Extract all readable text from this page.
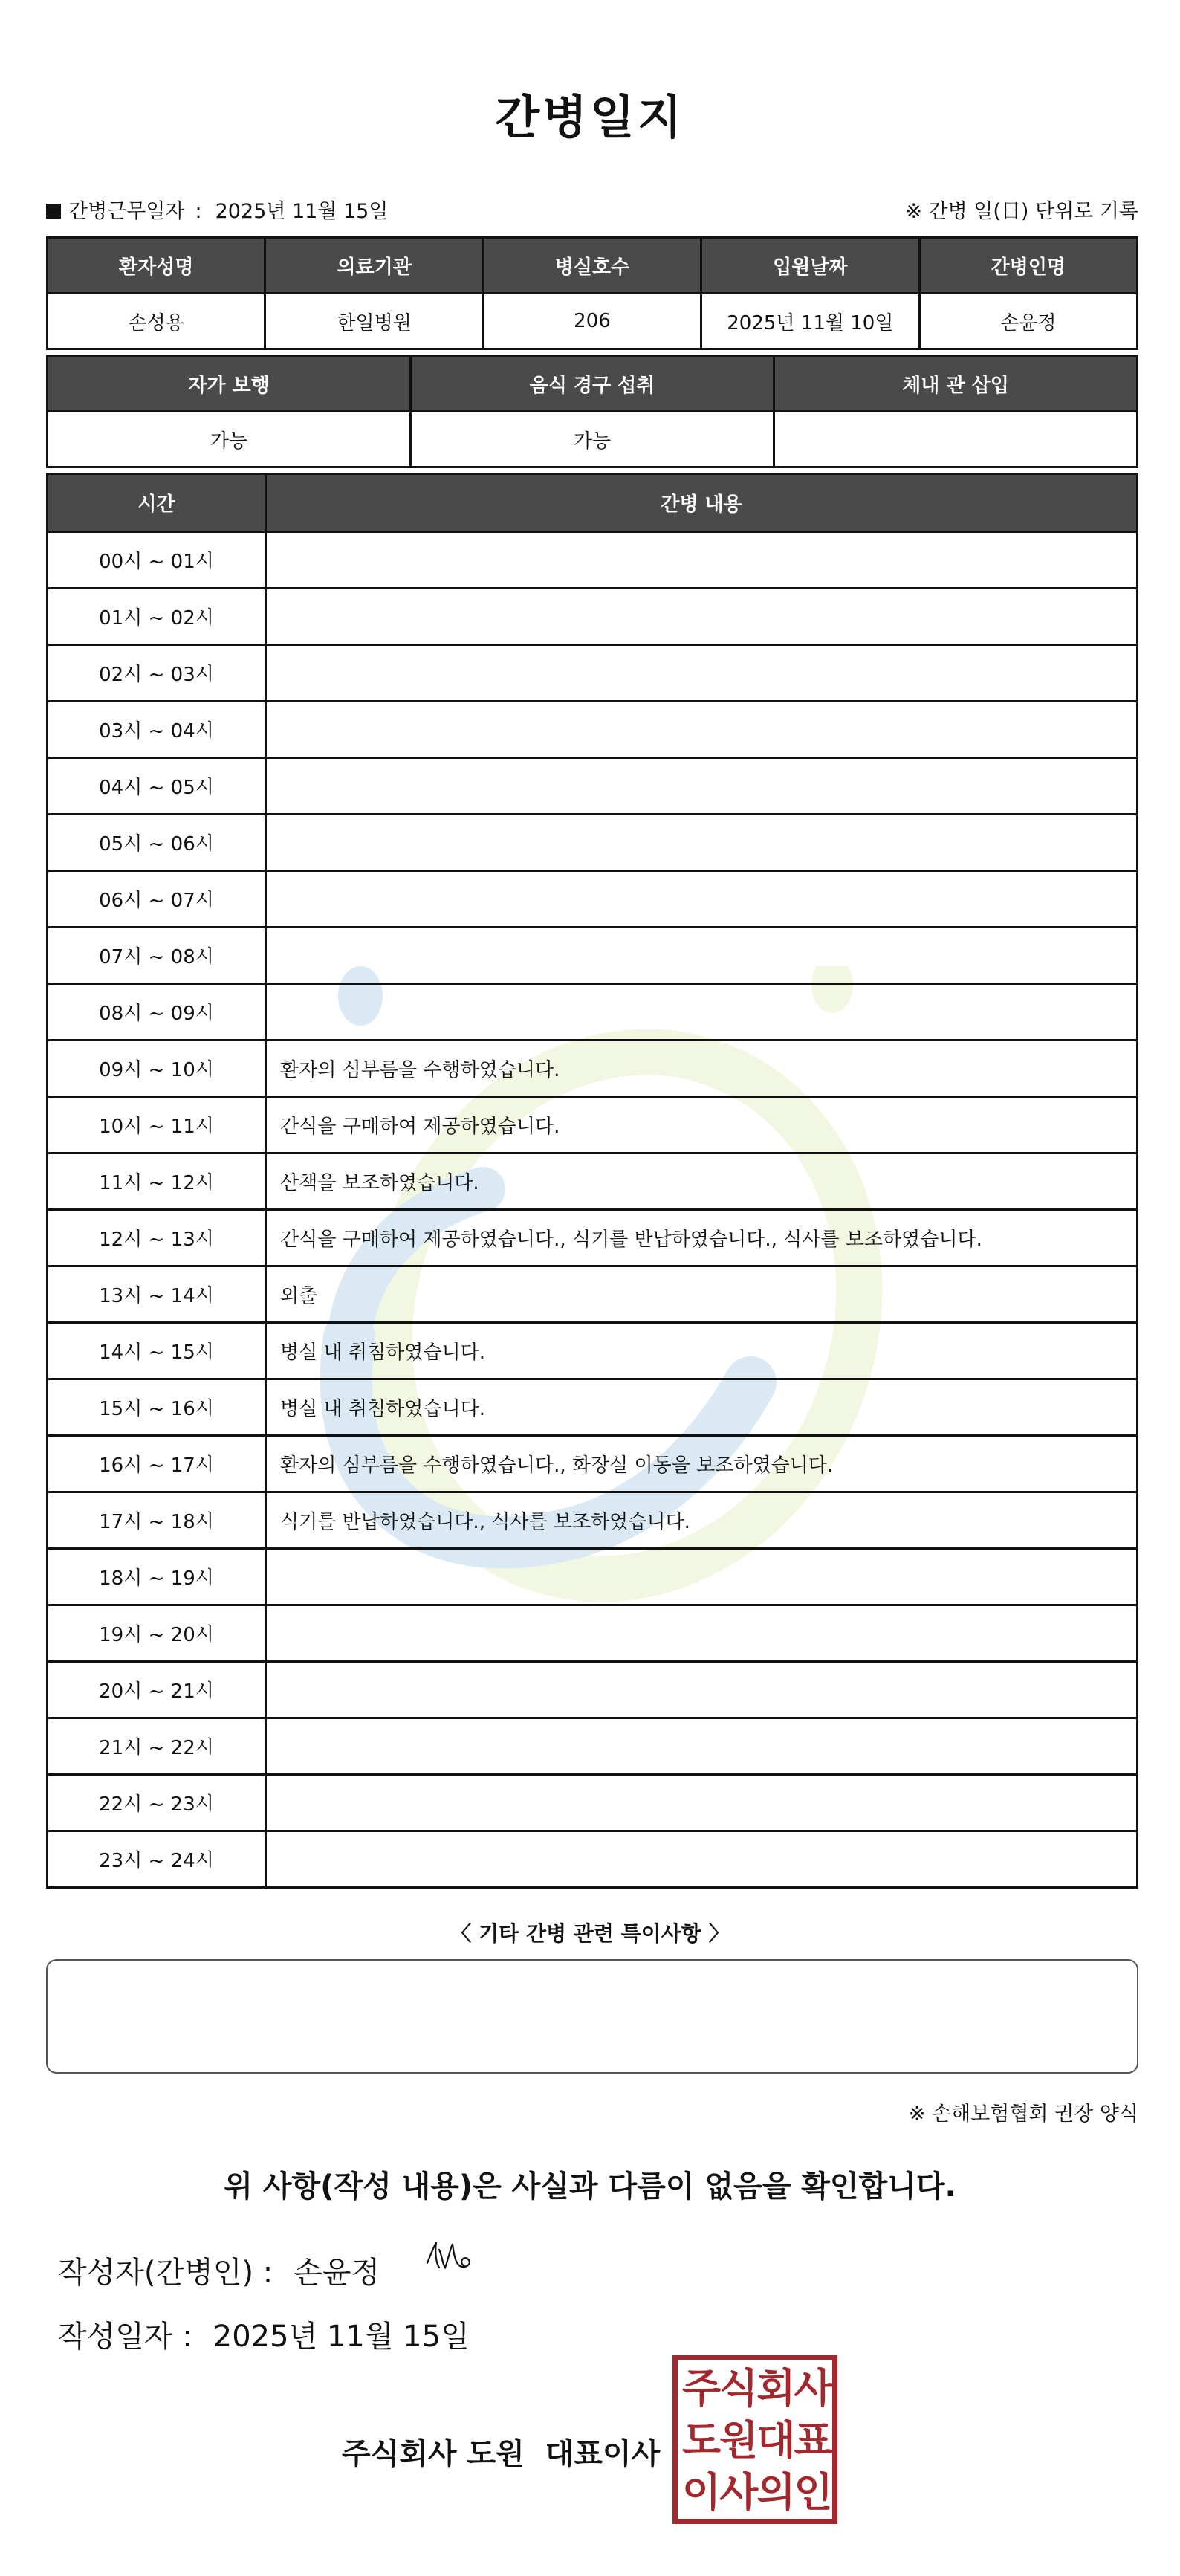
간병일지
간병근무일자 : 2025년 11월 15일	※ 간병 일(日) 단위로 기록
환자성명	의료기관	병실호수	입원날짜	간병인명
손성용	한일병원	206	2025년 11월 10일	손윤정
자가 보행	음식 경구 섭취	체내 관 삽입
가능	가능	
시간	간병 내용
00시 ~ 01시	
01시 ~ 02시	
02시 ~ 03시	
03시 ~ 04시	
04시 ~ 05시	
05시 ~ 06시	
06시 ~ 07시	
07시 ~ 08시	
08시 ~ 09시	
09시 ~ 10시	환자의 심부름을 수행하였습니다.
10시 ~ 11시	간식을 구매하여 제공하였습니다.
11시 ~ 12시	산책을 보조하였습니다.
12시 ~ 13시	간식을 구매하여 제공하였습니다., 식기를 반납하였습니다., 식사를 보조하였습니다.
13시 ~ 14시	외출
14시 ~ 15시	병실 내 취침하였습니다.
15시 ~ 16시	병실 내 취침하였습니다.
16시 ~ 17시	환자의 심부름을 수행하였습니다., 화장실 이동을 보조하였습니다.
17시 ~ 18시	식기를 반납하였습니다., 식사를 보조하였습니다.
18시 ~ 19시	
19시 ~ 20시	
20시 ~ 21시	
21시 ~ 22시	
22시 ~ 23시	
23시 ~ 24시	
〈 기타 간병 관련 특이사항 〉
※ 손해보험협회 권장 양식
위 사항(작성 내용)은 사실과 다름이 없음을 확인합니다.
작성자(간병인) : 손윤정
작성일자 : 2025년 11월 15일
주식회사 도원 대표이사
주식회사
도원대표
이사의인
